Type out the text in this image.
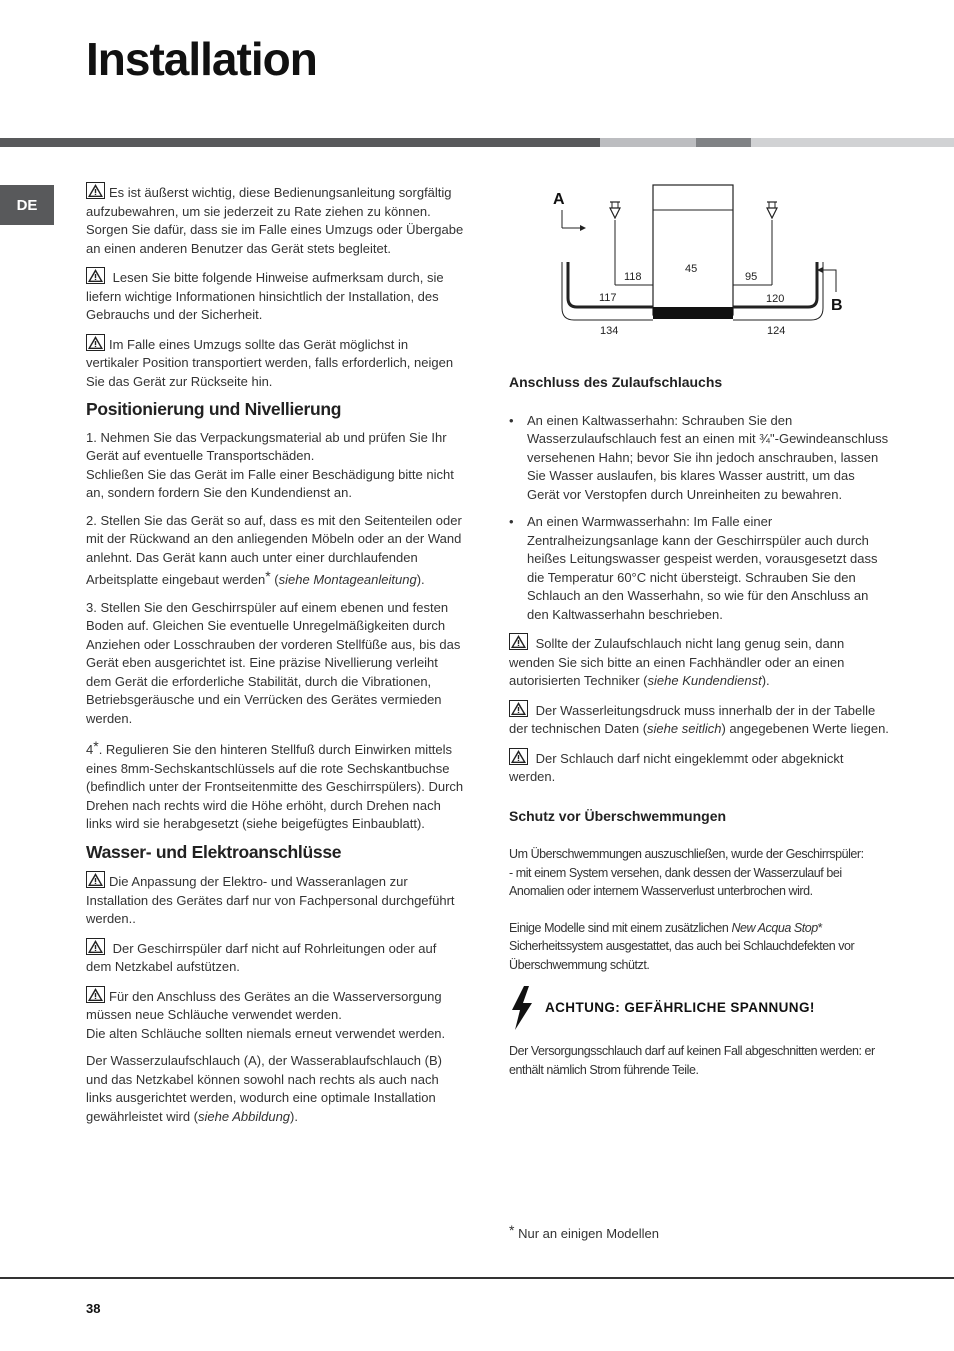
Installation
DE

Es ist äußerst wichtig, diese Bedienungsanleitung sorgfältig aufzubewahren, um sie jederzeit zu Rate ziehen zu können. Sorgen Sie dafür, dass sie im Falle eines Umzugs oder Übergabe an einen anderen Benutzer das Gerät stets begleitet.

Lesen Sie bitte folgende Hinweise aufmerksam durch, sie liefern wichtige Informationen hinsichtlich der Installation, des Gebrauchs und der Sicherheit.

Im Falle eines Umzugs sollte das Gerät möglichst in vertikaler Position transportiert werden, falls erforderlich, neigen Sie das Gerät zur Rückseite hin.

Positionierung und Nivellierung

1. Nehmen Sie das Verpackungsmaterial ab und prüfen Sie Ihr Gerät auf eventuelle Transportschäden.
Schließen Sie das Gerät im Falle einer Beschädigung bitte nicht an, sondern fordern Sie den Kundendienst an.

2. Stellen Sie das Gerät so auf, dass es mit den Seitenteilen oder mit der Rückwand an den anliegenden Möbeln oder an der Wand anlehnt. Das Gerät kann auch unter einer durchlaufenden Arbeitsplatte eingebaut werden* (siehe Montageanleitung).

3. Stellen Sie den Geschirrspüler auf einem ebenen und festen Boden auf. Gleichen Sie eventuelle Unregelmäßigkeiten durch Anziehen oder Losschrauben der vorderen Stellfüße aus, bis das Gerät eben ausgerichtet ist. Eine präzise Nivellierung verleiht dem Gerät die erforderliche Stabilität, durch die Vibrationen, Betriebsgeräusche und ein Verrücken des Gerätes vermieden werden.

4*. Regulieren Sie den hinteren Stellfuß durch Einwirken mittels eines 8mm-Sechskantschlüssels auf die rote Sechskantbuchse (befindlich unter der Frontseitenmitte des Geschirrspülers). Durch Drehen nach rechts wird die Höhe erhöht, durch Drehen nach links wird sie herabgesetzt (siehe beigefügtes Einbaublatt).

Wasser- und Elektroanschlüsse

Die Anpassung der Elektro- und Wasseranlagen zur Installation des Gerätes darf nur von Fachpersonal durchgeführt werden..

Der Geschirrspüler darf nicht auf Rohrleitungen oder auf dem Netzkabel aufstützen.

Für den Anschluss des Gerätes an die Wasserversorgung müssen neue Schläuche verwendet werden.
Die alten Schläuche sollten niemals erneut verwendet werden.

Der Wasserzulaufschlauch (A), der Wasserablaufschlauch (B) und das Netzkabel können sowohl nach rechts als auch nach links ausgerichtet werden, wodurch eine optimale Installation gewährleistet wird (siehe Abbildung).

A
B
45
118	95
117	120
134	124
Anschluss des Zulaufschlauchs
• An einen Kaltwasserhahn: Schrauben Sie den Wasserzulaufschlauch fest an einen mit ¾"-Gewindeanschluss versehenen Hahn; bevor Sie ihn jedoch anschrauben, lassen Sie Wasser auslaufen, bis klares Wasser austritt, um das Gerät vor Verstopfen durch Unreinheiten zu bewahren.
• An einen Warmwasserhahn: Im Falle einer Zentralheizungsanlage kann der Geschirrspüler auch durch heißes Leitungswasser gespeist werden, vorausgesetzt dass die Temperatur 60°C nicht übersteigt. Schrauben Sie den Schlauch an den Wasserhahn, so wie für den Anschluss an den Kaltwasserhahn beschrieben.

Sollte der Zulaufschlauch nicht lang genug sein, dann wenden Sie sich bitte an einen Fachhändler oder an einen autorisierten Techniker (siehe Kundendienst).

Der Wasserleitungsdruck muss innerhalb der in der Tabelle der technischen Daten (siehe seitlich) angegebenen Werte liegen.

Der Schlauch darf nicht eingeklemmt oder abgeknickt werden.

Schutz vor Überschwemmungen

Um Überschwemmungen auszuschließen, wurde der Geschirrspüler:
- mit einem System versehen, dank dessen der Wasserzulauf bei Anomalien oder internem Wasserverlust unterbrochen wird.

Einige Modelle sind mit einem zusätzlichen New Acqua Stop* Sicherheitssystem ausgestattet, das auch bei Schlauchdefekten vor Überschwemmung schützt.

ACHTUNG: GEFÄHRLICHE SPANNUNG!

Der Versorgungsschlauch darf auf keinen Fall abgeschnitten werden: er enthält nämlich Strom führende Teile.

* Nur an einigen Modellen
38
